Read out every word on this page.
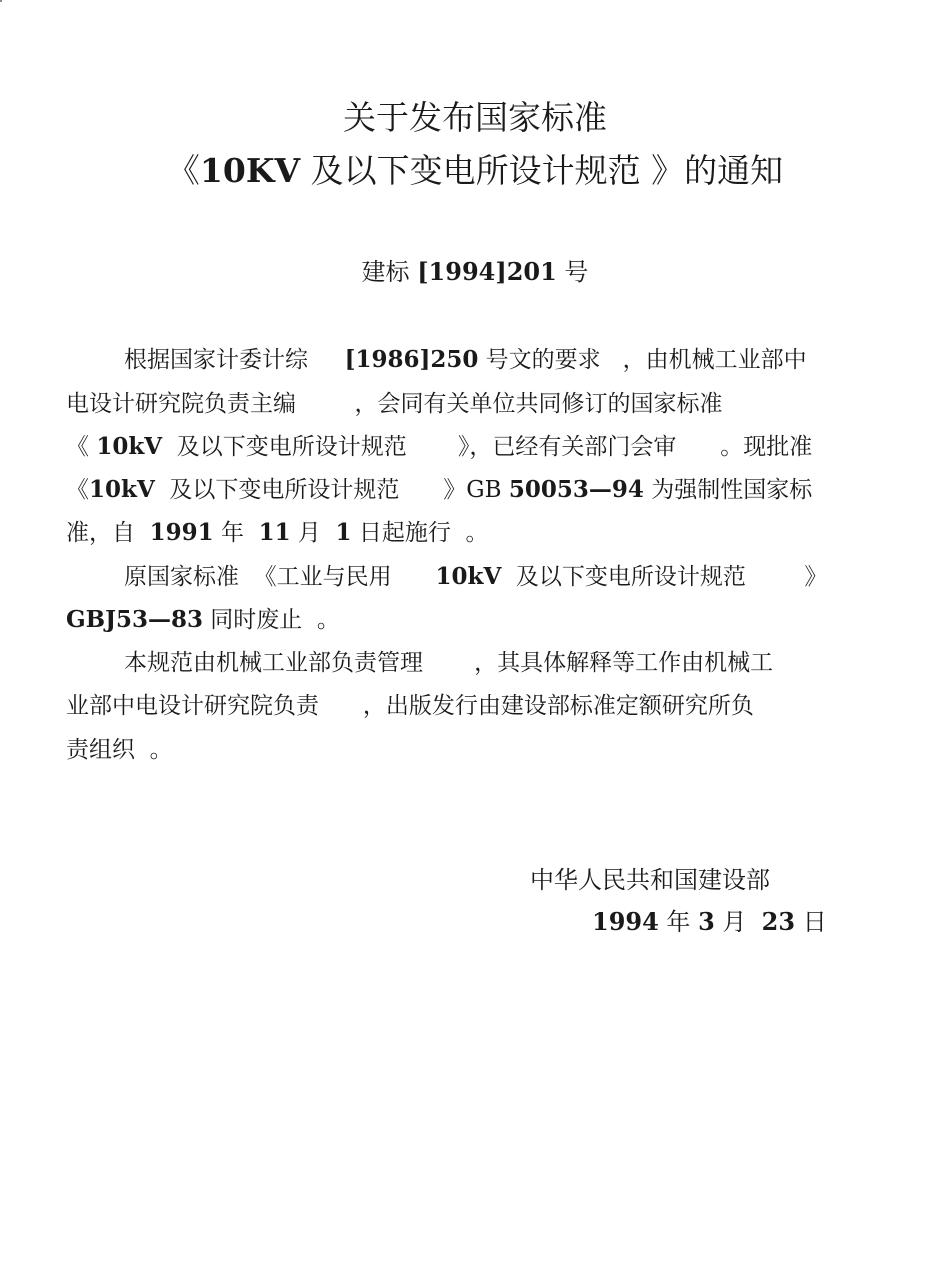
关于发布国家标准
《10KV 及以下变电所设计规范 》的通知
建标 [1994]201 号
根据国家计委计综     [1986]250 号文的要求   ，由机械工业部中
电设计研究院负责主编        ，会同有关单位共同修订的国家标准
《 10kV  及以下变电所设计规范       》，已经有关部门会审      。现批准
《10kV  及以下变电所设计规范      》GB 50053—94 为强制性国家标
准，自  1991 年  11 月  1 日起施行  。
原国家标准  《工业与民用      10kV  及以下变电所设计规范        》
GBJ53—83 同时废止  。
本规范由机械工业部负责管理       ，其具体解释等工作由机械工
业部中电设计研究院负责      ，出版发行由建设部标准定额研究所负
责组织  。
中华人民共和国建设部
1994 年 3 月  23 日
